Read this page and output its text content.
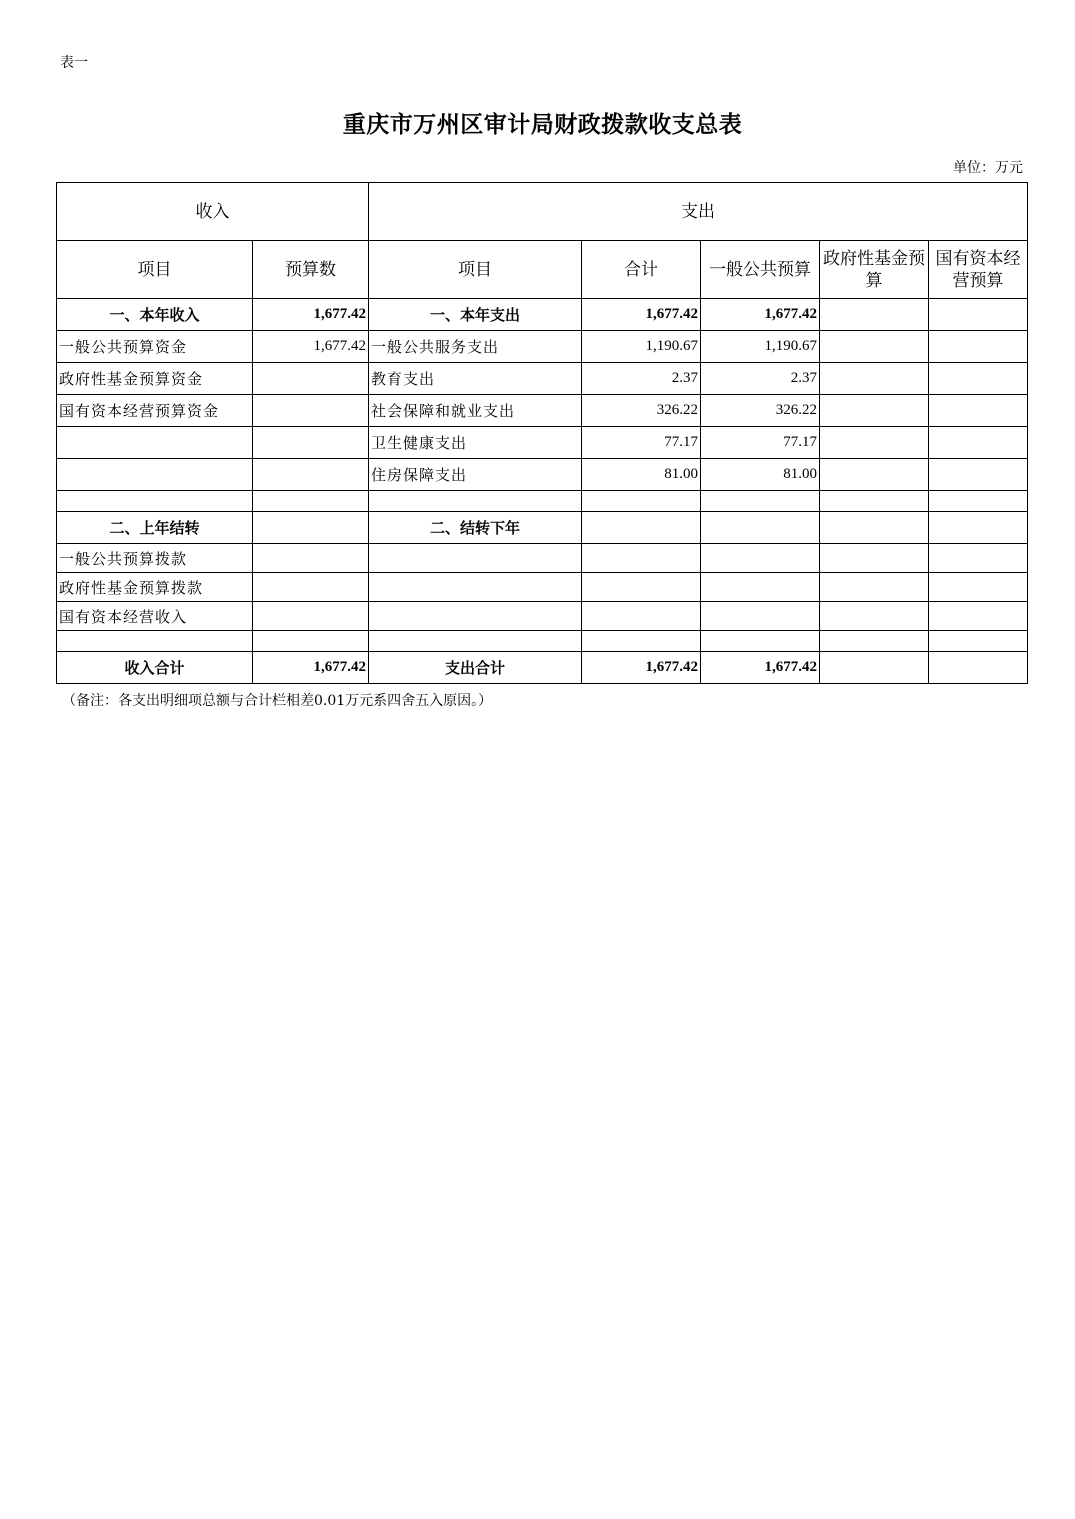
表一
重庆市万州区审计局财政拨款收支总表
单位：万元
收入		支出				
项目	预算数	项目	合计	一般公共预算	政府性基金预算	国有资本经营预算
一、本年收入	1,677.42	一、本年支出	1,677.42	1,677.42		
一般公共预算资金	1,677.42	一般公共服务支出	1,190.67	1,190.67		
政府性基金预算资金		教育支出	2.37	2.37		
国有资本经营预算资金		社会保障和就业支出	326.22	326.22		
		卫生健康支出	77.17	77.17		
		住房保障支出	81.00	81.00		

二、上年结转		二、结转下年				
一般公共预算拨款						
政府性基金预算拨款						
国有资本经营收入						

收入合计	1,677.42	支出合计	1,677.42	1,677.42		
（备注：各支出明细项总额与合计栏相差0.01万元系四舍五入原因。）
